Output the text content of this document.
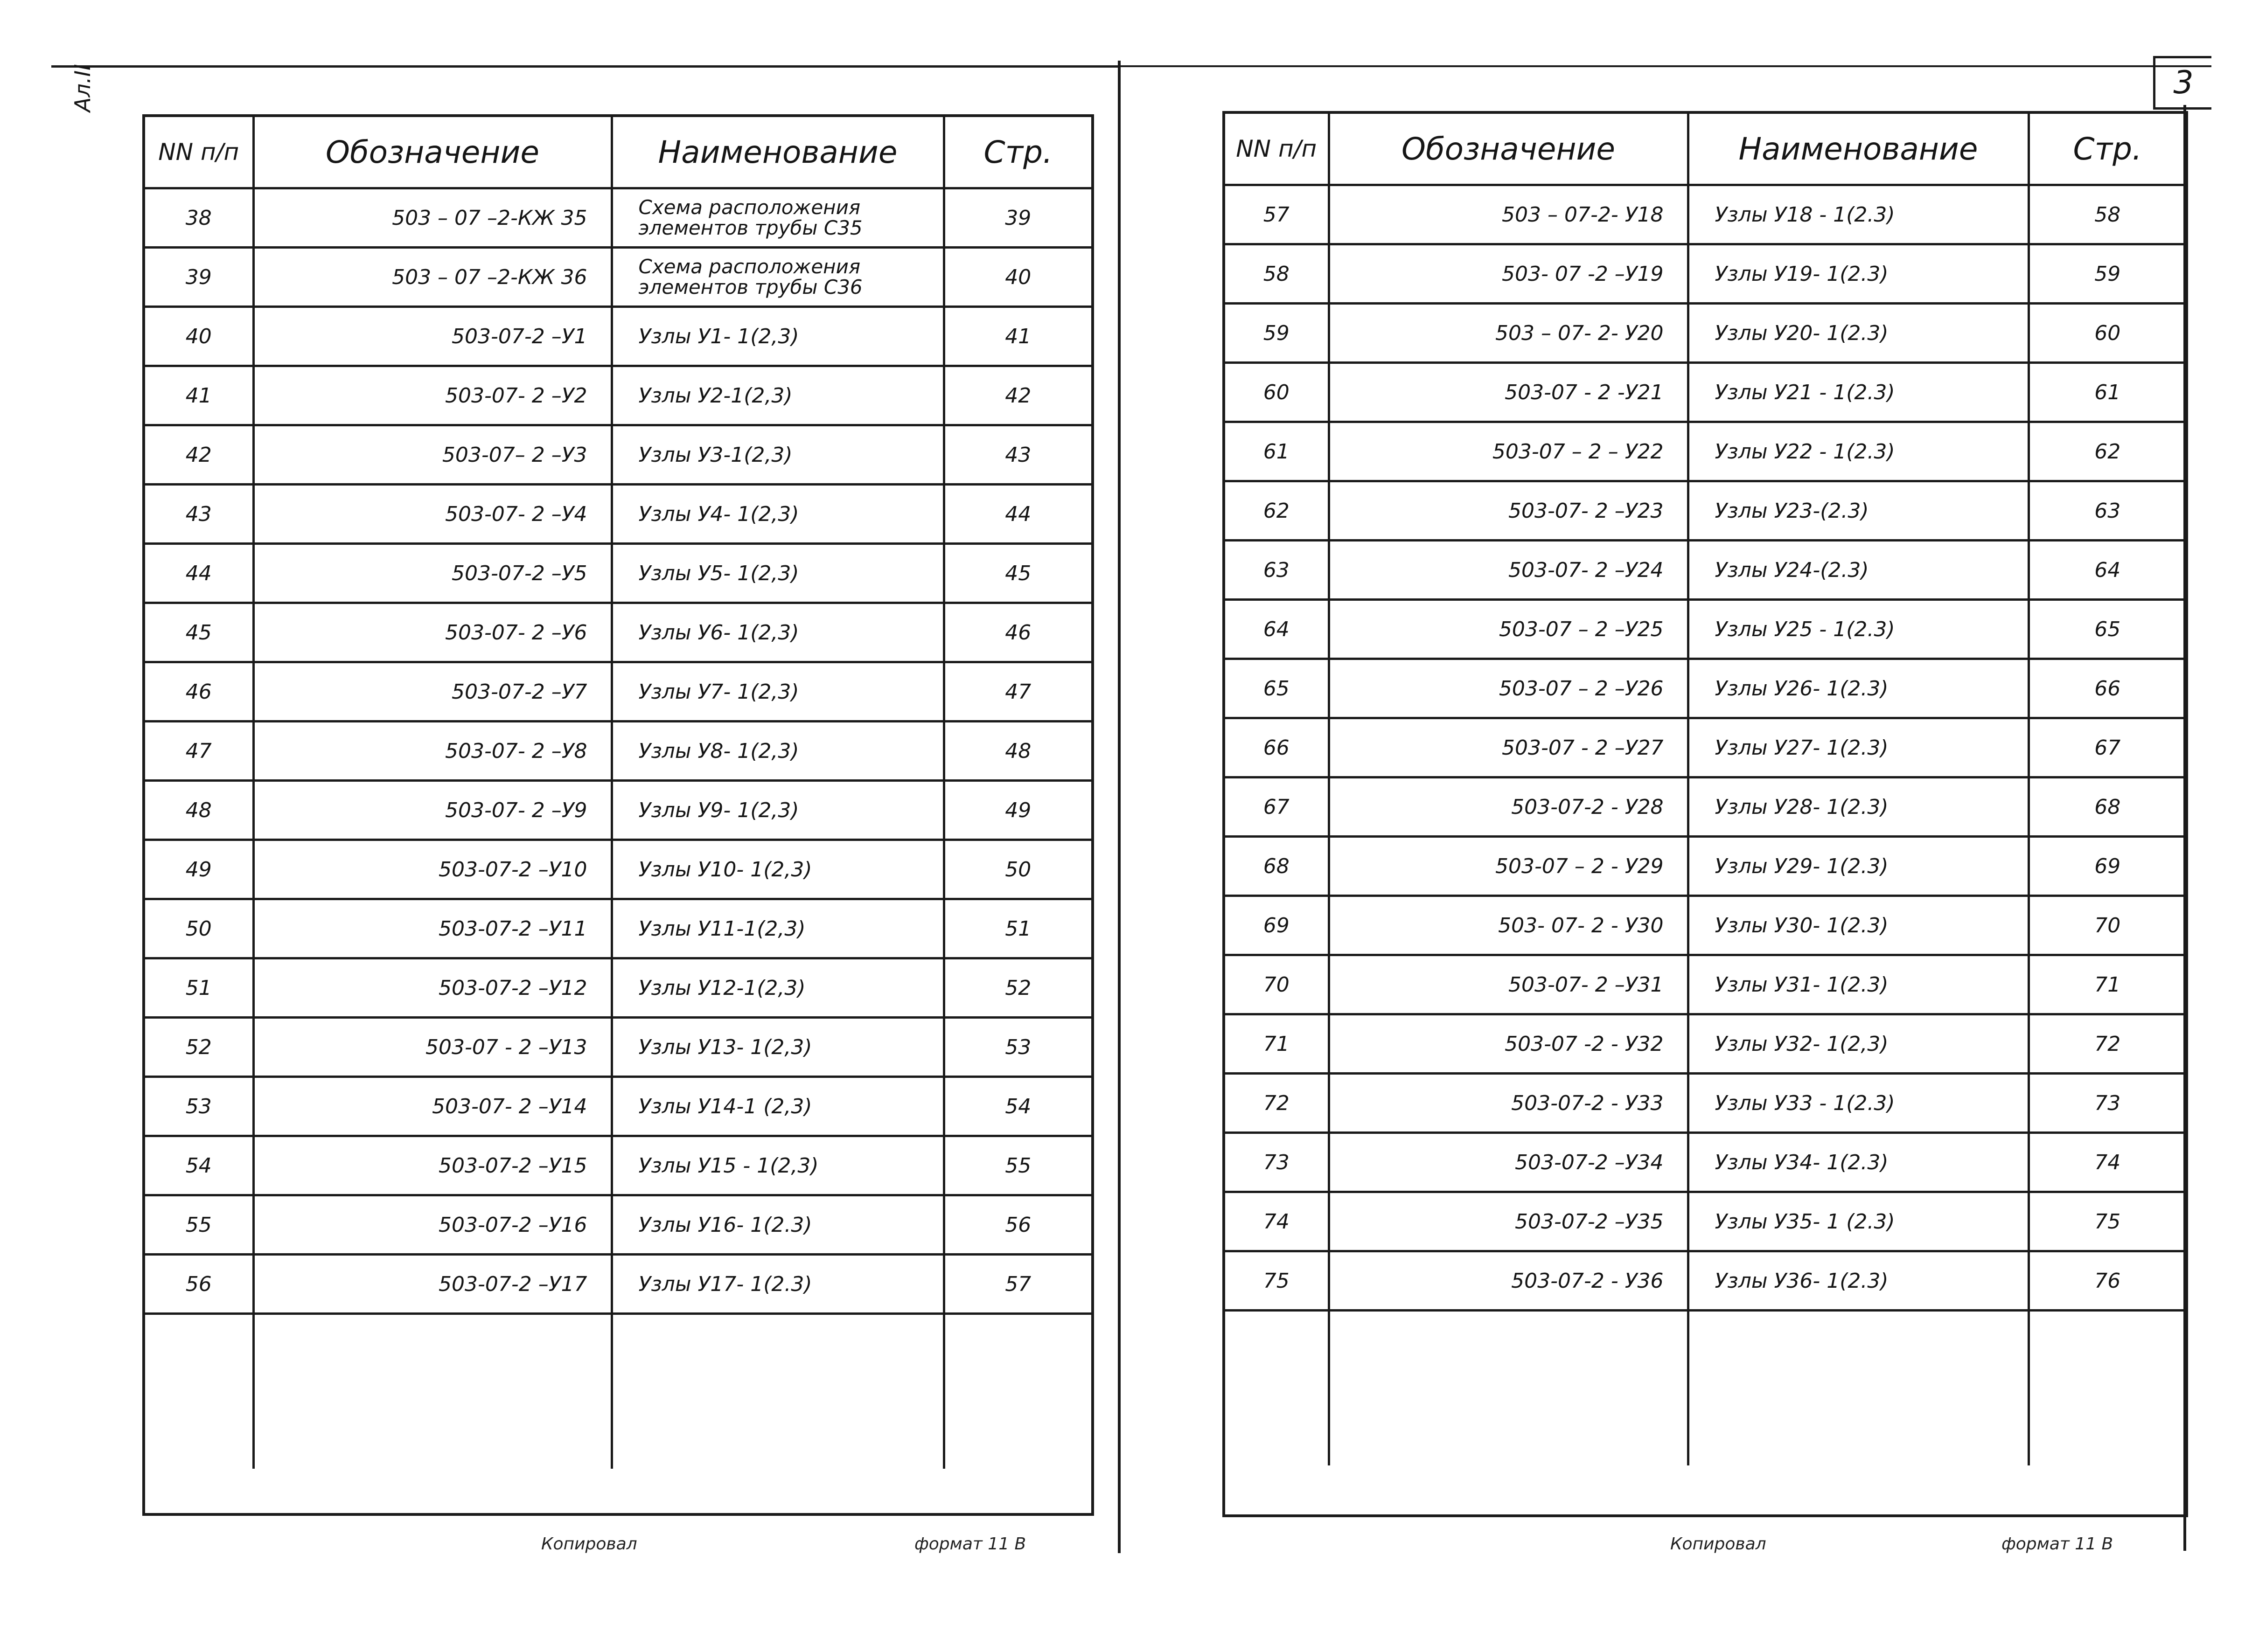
Ал.II	3
NN п/п	Обозначение	Наименование	Стр.
38	503 – 07 –2-КЖ 35	Схема расположения элементов трубы С35	39
39	503 – 07 –2-КЖ 36	Схема расположения элементов трубы С36	40
40	503-07-2 –У1	Узлы У1- 1(2,3)	41
41	503-07- 2 –У2	Узлы У2-1(2,3)	42
42	503-07– 2 –У3	Узлы У3-1(2,3)	43
43	503-07- 2 –У4	Узлы У4- 1(2,3)	44
44	503-07-2 –У5	Узлы У5- 1(2,3)	45
45	503-07- 2 –У6	Узлы У6- 1(2,3)	46
46	503-07-2 –У7	Узлы У7- 1(2,3)	47
47	503-07- 2 –У8	Узлы У8- 1(2,3)	48
48	503-07- 2 –У9	Узлы У9- 1(2,3)	49
49	503-07-2 –У10	Узлы У10- 1(2,3)	50
50	503-07-2 –У11	Узлы У11-1(2,3)	51
51	503-07-2 –У12	Узлы У12-1(2,3)	52
52	503-07 - 2 –У13	Узлы У13- 1(2,3)	53
53	503-07- 2 –У14	Узлы У14-1 (2,3)	54
54	503-07-2 –У15	Узлы У15 - 1(2,3)	55
55	503-07-2 –У16	Узлы У16- 1(2.3)	56
56	503-07-2 –У17	Узлы У17- 1(2.3)	57

NN п/п	Обозначение	Наименование	Стр.
57	503 – 07-2- У18	Узлы У18 - 1(2.3)	58
58	503- 07 -2 –У19	Узлы У19- 1(2.3)	59
59	503 – 07- 2- У20	Узлы У20- 1(2.3)	60
60	503-07 - 2 -У21	Узлы У21 - 1(2.3)	61
61	503-07 – 2 – У22	Узлы У22 - 1(2.3)	62
62	503-07- 2 –У23	Узлы У23-(2.3)	63
63	503-07- 2 –У24	Узлы У24-(2.3)	64
64	503-07 – 2 –У25	Узлы У25 - 1(2.3)	65
65	503-07 – 2 –У26	Узлы У26- 1(2.3)	66
66	503-07 - 2 –У27	Узлы У27- 1(2.3)	67
67	503-07-2 - У28	Узлы У28- 1(2.3)	68
68	503-07 – 2 - У29	Узлы У29- 1(2.3)	69
69	503- 07- 2 - У30	Узлы У30- 1(2.3)	70
70	503-07- 2 –У31	Узлы У31- 1(2.3)	71
71	503-07 -2 - У32	Узлы У32- 1(2,3)	72
72	503-07-2 - У33	Узлы У33 - 1(2.3)	73
73	503-07-2 –У34	Узлы У34- 1(2.3)	74
74	503-07-2 –У35	Узлы У35- 1 (2.3)	75
75	503-07-2 - У36	Узлы У36- 1(2.3)	76

Копировал	формат 11 В	Копировал	формат 11 В
